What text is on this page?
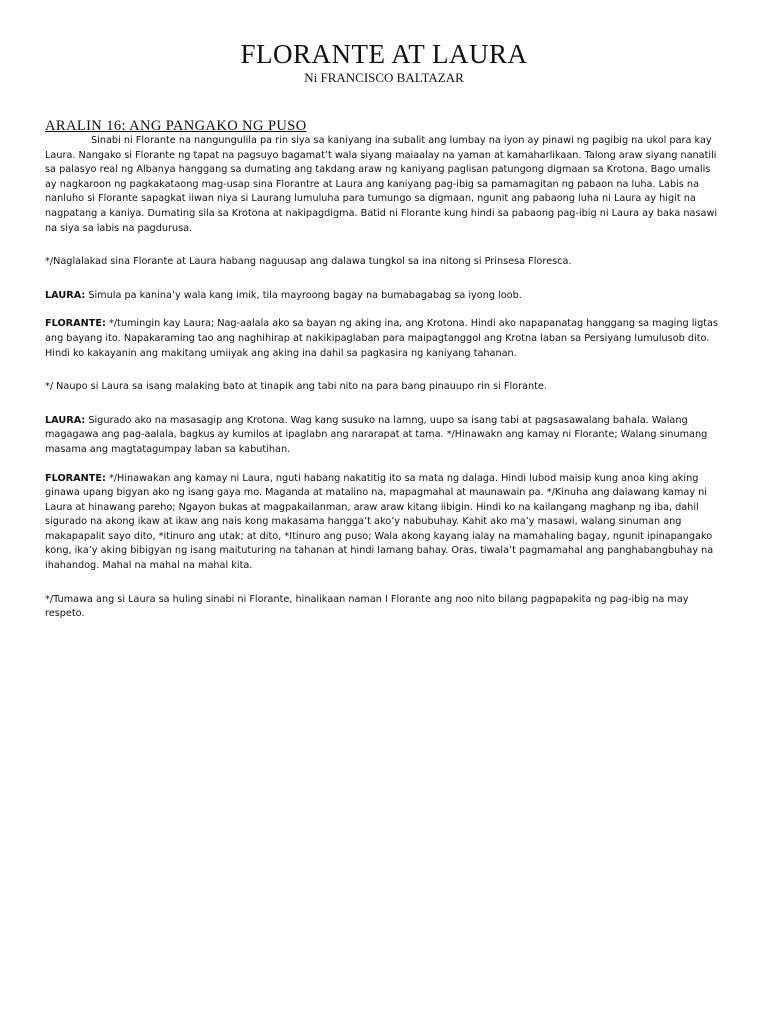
FLORANTE AT LAURA

Ni FRANCISCO BALTAZAR

ARALIN 16: ANG PANGAKO NG PUSO

Sinabi ni Florante na nangungulila pa rin siya sa kaniyang ina subalit ang lumbay na iyon ay pinawi ng pagibig na ukol para kay Laura. Nangako si Florante ng tapat na pagsuyo bagamat’t wala siyang maiaalay na yaman at kamaharlikaan. Talong araw siyang nanatili sa palasyo real ng Albanya hanggang sa dumating ang takdang araw ng kaniyang paglisan patungong digmaan sa Krotona. Bago umalis ay nagkaroon ng pagkakataong mag-usap sina Florantre at Laura ang kaniyang pag-ibig sa pamamagitan ng pabaon na luha. Labis na nanluho si Florante sapagkat iiwan niya si Laurang lumuluha para tumungo sa digmaan, ngunit ang pabaong luha ni Laura ay higit na nagpatang a kaniya. Dumating sila sa Krotona at nakipagdigma. Batid ni Florante kung hindi sa pabaong pag-ibig ni Laura ay baka nasawi na siya sa labis na pagdurusa.

*/Naglalakad sina Florante at Laura habang naguusap ang dalawa tungkol sa ina nitong si Prinsesa Floresca.

LAURA: Simula pa kanina’y wala kang imik, tila mayroong bagay na bumabagabag sa iyong loob.

FLORANTE: */tumingin kay Laura; Nag-aalala ako sa bayan ng aking ina, ang Krotona. Hindi ako napapanatag hanggang sa maging ligtas ang bayang ito. Napakaraming tao ang naghihirap at nakikipaglaban para maipagtanggol ang Krotna laban sa Persiyang lumulusob dito. Hindi ko kakayanin ang makitang umiiyak ang aking ina dahil sa pagkasira ng kaniyang tahanan.

*/ Naupo si Laura sa isang malaking bato at tinapik ang tabi nito na para bang pinauupo rin si Florante.

LAURA: Sigurado ako na masasagip ang Krotona. Wag kang susuko na lamng, uupo sa isang tabi at pagsasawalang bahala. Walang magagawa ang pag-aalala, bagkus ay kumilos at ipaglabn ang nararapat at tama. */Hinawakn ang kamay ni Florante; Walang sinumang masama ang magtatagumpay laban sa kabutihan.

FLORANTE: */Hinawakan ang kamay ni Laura, nguti habang nakatitig ito sa mata ng dalaga. Hindi lubod maisip kung anoa king aking ginawa upang bigyan ako ng isang gaya mo. Maganda at matalino na, mapagmahal at maunawain pa. */Kinuha ang dalawang kamay ni Laura at hinawang pareho; Ngayon bukas at magpakailanman, araw araw kitang iibigin. Hindi ko na kailangang maghanp ng iba, dahil sigurado na akong ikaw at ikaw ang nais kong makasama hangga’t ako’y nabubuhay. Kahit ako ma’y masawi, walang sinuman ang makapapalit sayo dito, *itinuro ang utak; at dito, *Itinuro ang puso; Wala akong kayang ialay na mamahaling bagay, ngunit ipinapangako kong, ika’y aking bibigyan ng isang maituturing na tahanan at hindi lamang bahay. Oras, tiwala’t pagmamahal ang panghabangbuhay na ihahandog. Mahal na mahal na mahal kita.

*/Tumawa ang si Laura sa huling sinabi ni Florante, hinalikaan naman I Florante ang noo nito bilang pagpapakita ng pag-ibig na may respeto.
